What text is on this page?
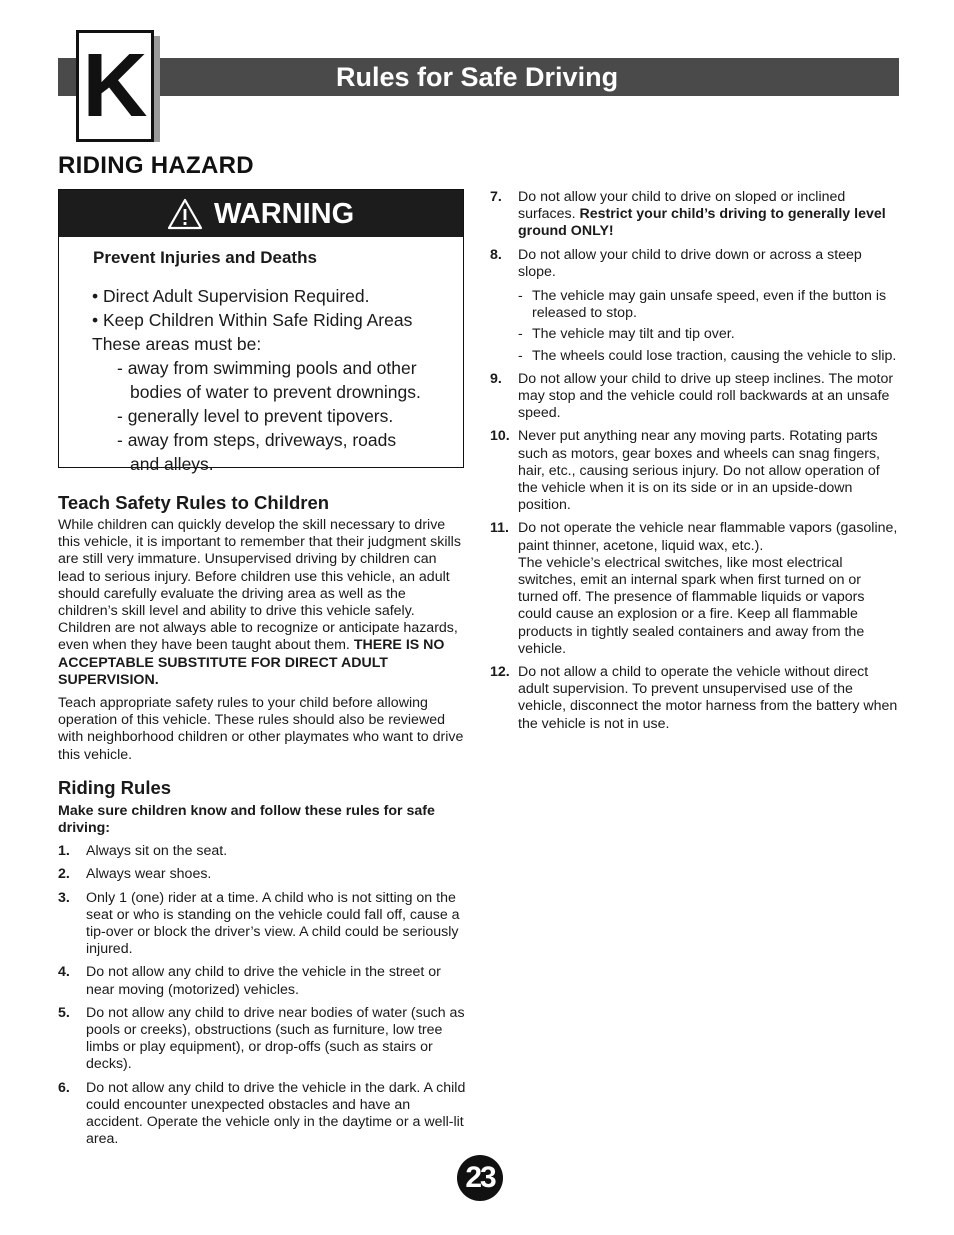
Rules for Safe Driving
K
RIDING HAZARD
WARNING
Prevent Injuries and Deaths
• Direct Adult Supervision Required.
• Keep Children Within Safe Riding Areas
These areas must be:
- away from swimming pools and other
bodies of water to prevent drownings.
- generally level to prevent tipovers.
- away from steps, driveways, roads
and alleys.
Teach Safety Rules to Children

While children can quickly develop the skill necessary to drive this vehicle, it is important to remember that their judgment skills are still very immature. Unsupervised driving by children can lead to serious injury. Before children use this vehicle, an adult should carefully evaluate the driving area as well as the children’s skill level and ability to drive this vehicle safely. Children are not always able to recognize or anticipate hazards, even when they have been taught about them. THERE IS NO ACCEPTABLE SUBSTITUTE FOR DIRECT ADULT SUPERVISION.

Teach appropriate safety rules to your child before allowing operation of this vehicle. These rules should also be reviewed with neighborhood children or other playmates who want to drive this vehicle.

Riding Rules

Make sure children know and follow these rules for safe driving:

1. Always sit on the seat.
2. Always wear shoes.
3. Only 1 (one) rider at a time. A child who is not sitting on the seat or who is standing on the vehicle could fall off, cause a tip-over or block the driver’s view. A child could be seriously injured.
4. Do not allow any child to drive the vehicle in the street or near moving (motorized) vehicles.
5. Do not allow any child to drive near bodies of water (such as pools or creeks), obstructions (such as furniture, low tree limbs or play equipment), or drop-offs (such as stairs or decks).
6. Do not allow any child to drive the vehicle in the dark. A child could encounter unexpected obstacles and have an accident. Operate the vehicle only in the daytime or a well-lit area.
7. Do not allow your child to drive on sloped or inclined surfaces. Restrict your child’s driving to generally level ground ONLY!
8. Do not allow your child to drive down or across a steep slope.
- The vehicle may gain unsafe speed, even if the button is released to stop.
- The vehicle may tilt and tip over.
- The wheels could lose traction, causing the vehicle to slip.
9. Do not allow your child to drive up steep inclines. The motor may stop and the vehicle could roll backwards at an unsafe speed.
10. Never put anything near any moving parts. Rotating parts such as motors, gear boxes and wheels can snag fingers, hair, etc., causing serious injury. Do not allow operation of the vehicle when it is on its side or in an upside-down position.
11. Do not operate the vehicle near flammable vapors (gasoline, paint thinner, acetone, liquid wax, etc.).
The vehicle’s electrical switches, like most electrical switches, emit an internal spark when first turned on or turned off. The presence of flammable liquids or vapors could cause an explosion or a fire. Keep all flammable products in tightly sealed containers and away from the vehicle.
12. Do not allow a child to operate the vehicle without direct adult supervision. To prevent unsupervised use of the vehicle, disconnect the motor harness from the battery when the vehicle is not in use.
23
